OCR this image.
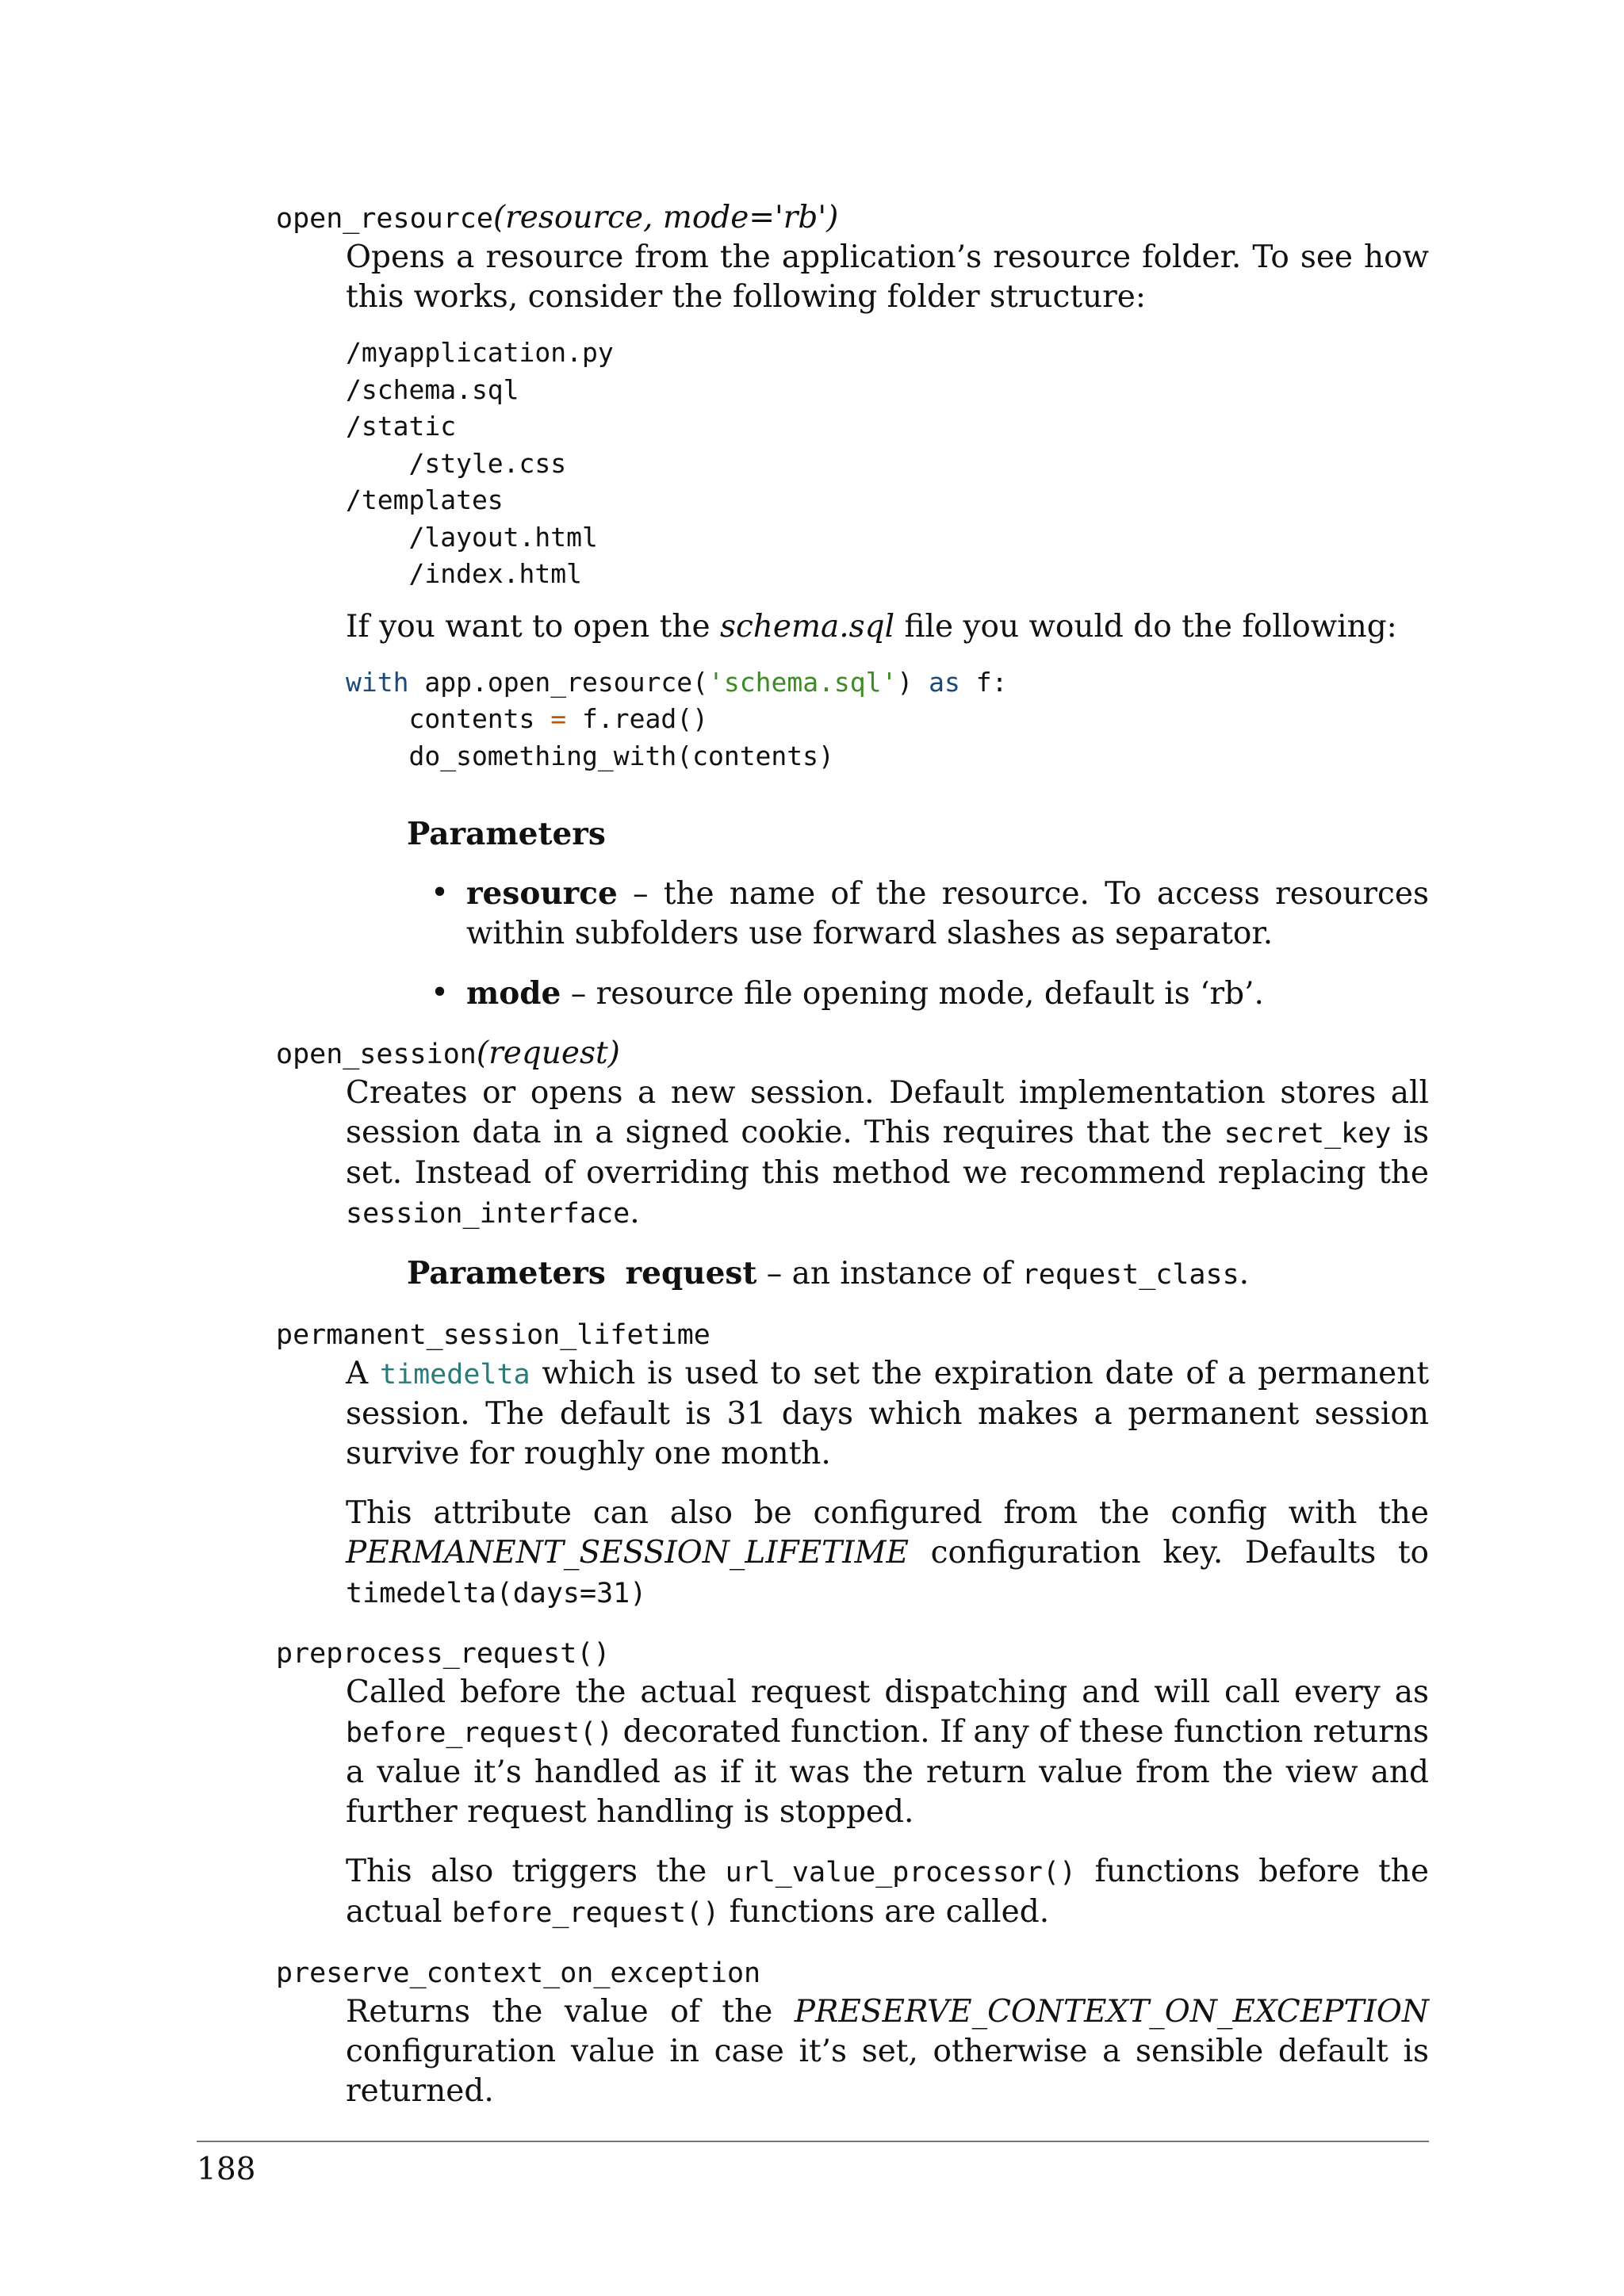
open_resource(resource, mode='rb')

Opens a resource from the application’s resource folder. To see how this works, consider the following folder structure:

/myapplication.py
/schema.sql
/static
/style.css
/templates
/layout.html
/index.html

If you want to open the schema.sql file you would do the following:

with app.open_resource('schema.sql') as f:
contents = f.read()
do_something_with(contents)

Parameters

• resource – the name of the resource. To access resources within subfolders use forward slashes as separator.
• mode – resource file opening mode, default is ‘rb’.

open_session(request)

Creates or opens a new session. Default implementation stores all session data in a signed cookie. This requires that the secret_key is set. Instead of overriding this method we recommend replacing the session_interface.

Parameters request – an instance of request_class.

permanent_session_lifetime

A timedelta which is used to set the expiration date of a permanent session. The default is 31 days which makes a permanent session survive for roughly one month.

This attribute can also be configured from the config with the PERMANENT_SESSION_LIFETIME configuration key. Defaults to timedelta(days=31)

preprocess_request()

Called before the actual request dispatching and will call every as before_request() decorated function. If any of these function returns a value it’s handled as if it was the return value from the view and further request handling is stopped.

This also triggers the url_value_processor() functions before the actual before_request() functions are called.

preserve_context_on_exception

Returns the value of the PRESERVE_CONTEXT_ON_EXCEPTION configuration value in case it’s set, otherwise a sensible default is returned.

188
